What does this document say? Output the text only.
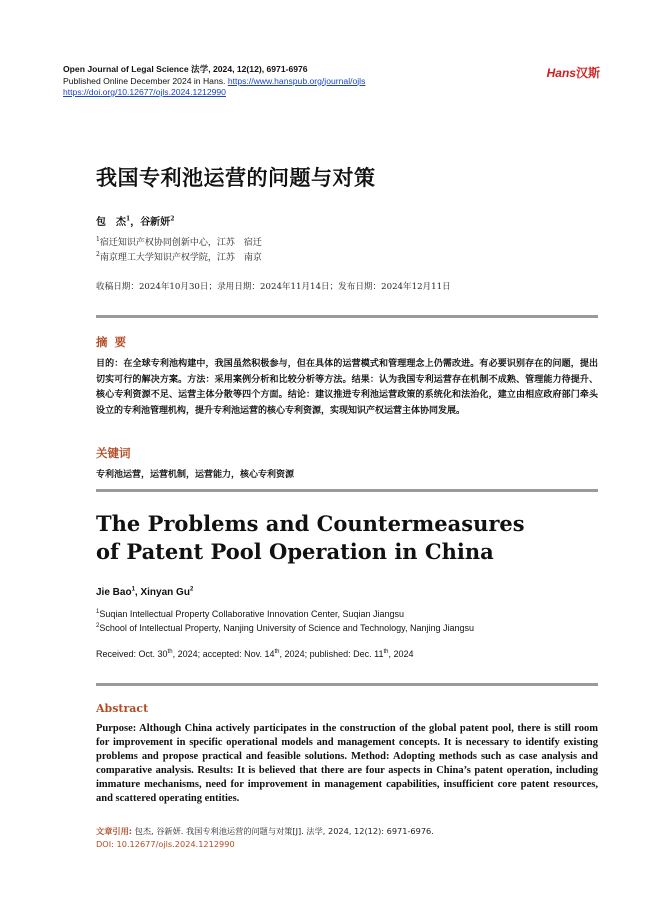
Open Journal of Legal Science 法学, 2024, 12(12), 6971-6976
Published Online December 2024 in Hans. https://www.hanspub.org/journal/ojls
https://doi.org/10.12677/ojls.2024.1212990
Hans汉斯
我国专利池运营的问题与对策
包　杰$^1$，谷新妍$^2$
$^1$宿迁知识产权协同创新中心，江苏　宿迁
$^2$南京理工大学知识产权学院，江苏　南京
收稿日期：2024年10月30日；录用日期：2024年11月14日；发布日期：2024年12月11日
摘要
目的：在全球专利池构建中，我国虽然积极参与，但在具体的运营模式和管理理念上仍需改进。有必要识别存在的问题，提出切实可行的解决方案。方法：采用案例分析和比较分析等方法。结果：认为我国专利运营存在机制不成熟、管理能力待提升、核心专利资源不足、运营主体分散等四个方面。结论：建议推进专利池运营政策的系统化和法治化，建立由相应政府部门牵头设立的专利池管理机构，提升专利池运营的核心专利资源，实现知识产权运营主体协同发展。
关键词
专利池运营，运营机制，运营能力，核心专利资源
The Problems and Countermeasures
of Patent Pool Operation in China
Jie Bao$^1$, Xinyan Gu$^2$
$^1$Suqian Intellectual Property Collaborative Innovation Center, Suqian Jiangsu
$^2$School of Intellectual Property, Nanjing University of Science and Technology, Nanjing Jiangsu
Received: Oct. 30th, 2024; accepted: Nov. 14th, 2024; published: Dec. 11th, 2024
Abstract
Purpose: Although China actively participates in the construction of the global patent pool, there is still room for improvement in specific operational models and management concepts. It is necessary to identify existing problems and propose practical and feasible solutions. Method: Adopting methods such as case analysis and comparative analysis. Results: It is believed that there are four aspects in China’s patent operation, including immature mechanisms, need for improvement in management capabilities, insufficient core patent resources, and scattered operating entities.
文章引用: 包杰, 谷新妍. 我国专利池运营的问题与对策[J]. 法学, 2024, 12(12): 6971-6976.
DOI: 10.12677/ojls.2024.1212990
